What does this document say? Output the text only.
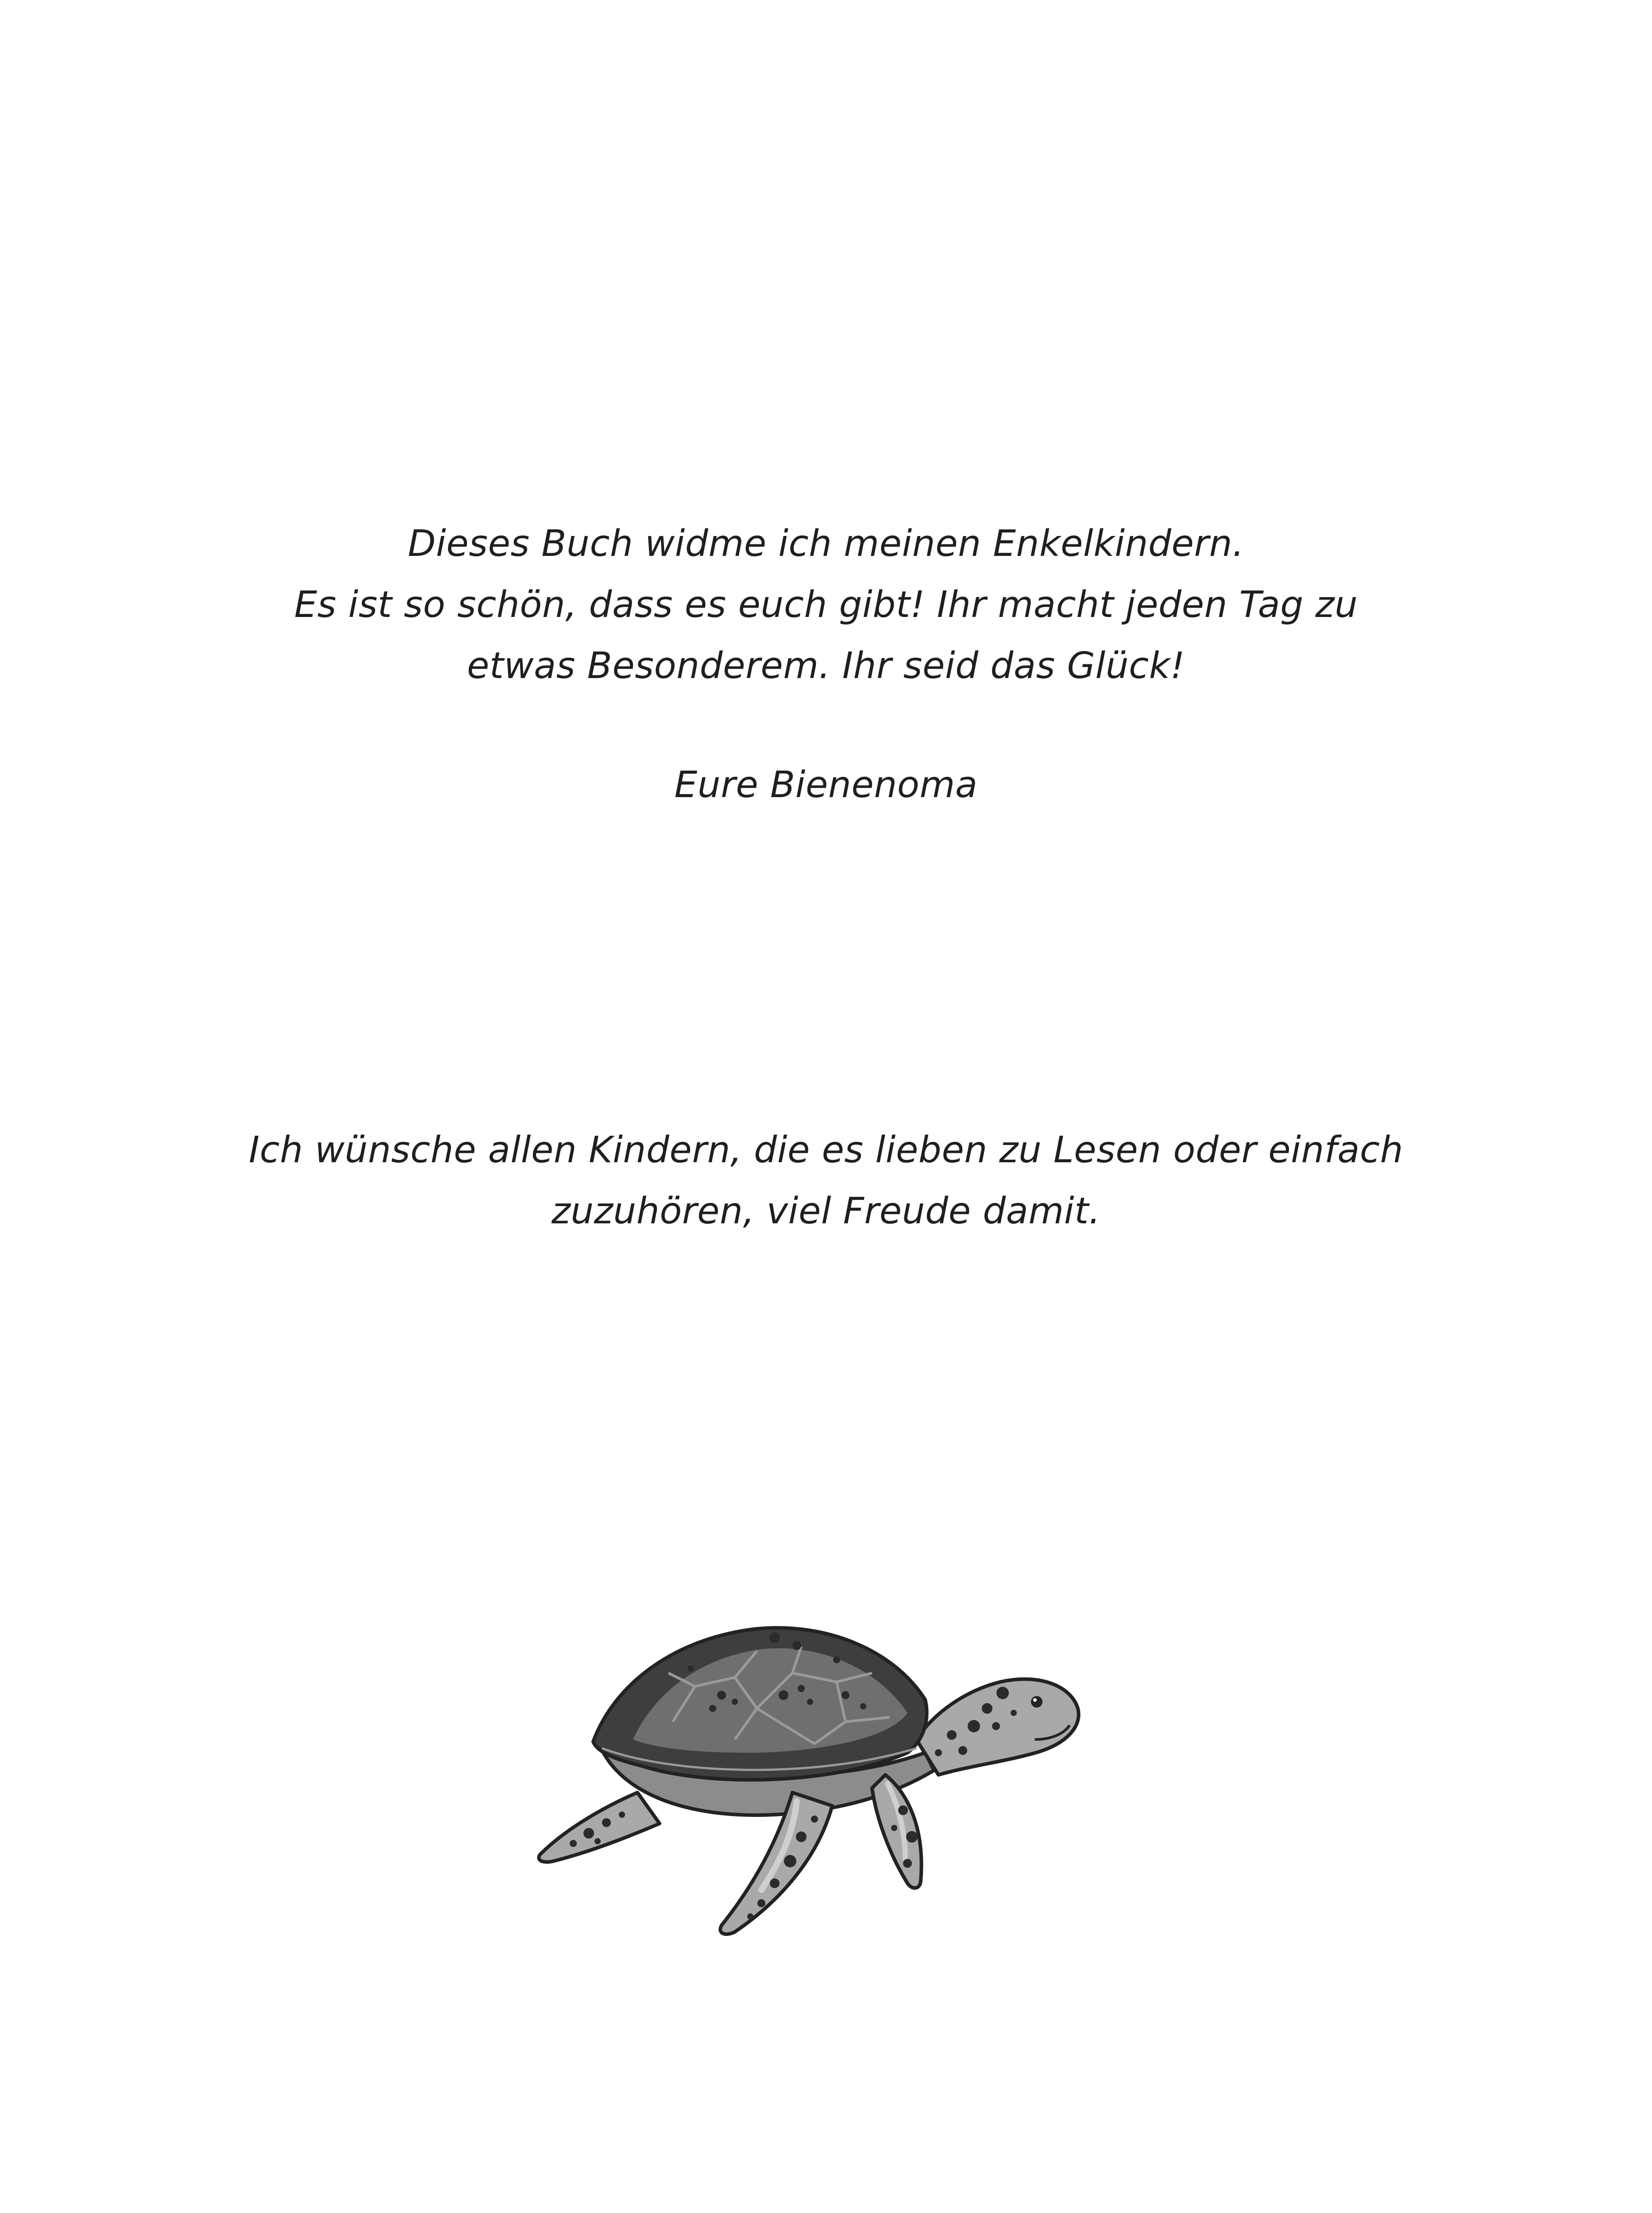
Dieses Buch widme ich meinen Enkelkindern.
Es ist so schön, dass es euch gibt! Ihr macht jeden Tag zu
etwas Besonderem. Ihr seid das Glück!
Eure Bienenoma
Ich wünsche allen Kindern, die es lieben zu Lesen oder einfach
zuzuhören, viel Freude damit.
